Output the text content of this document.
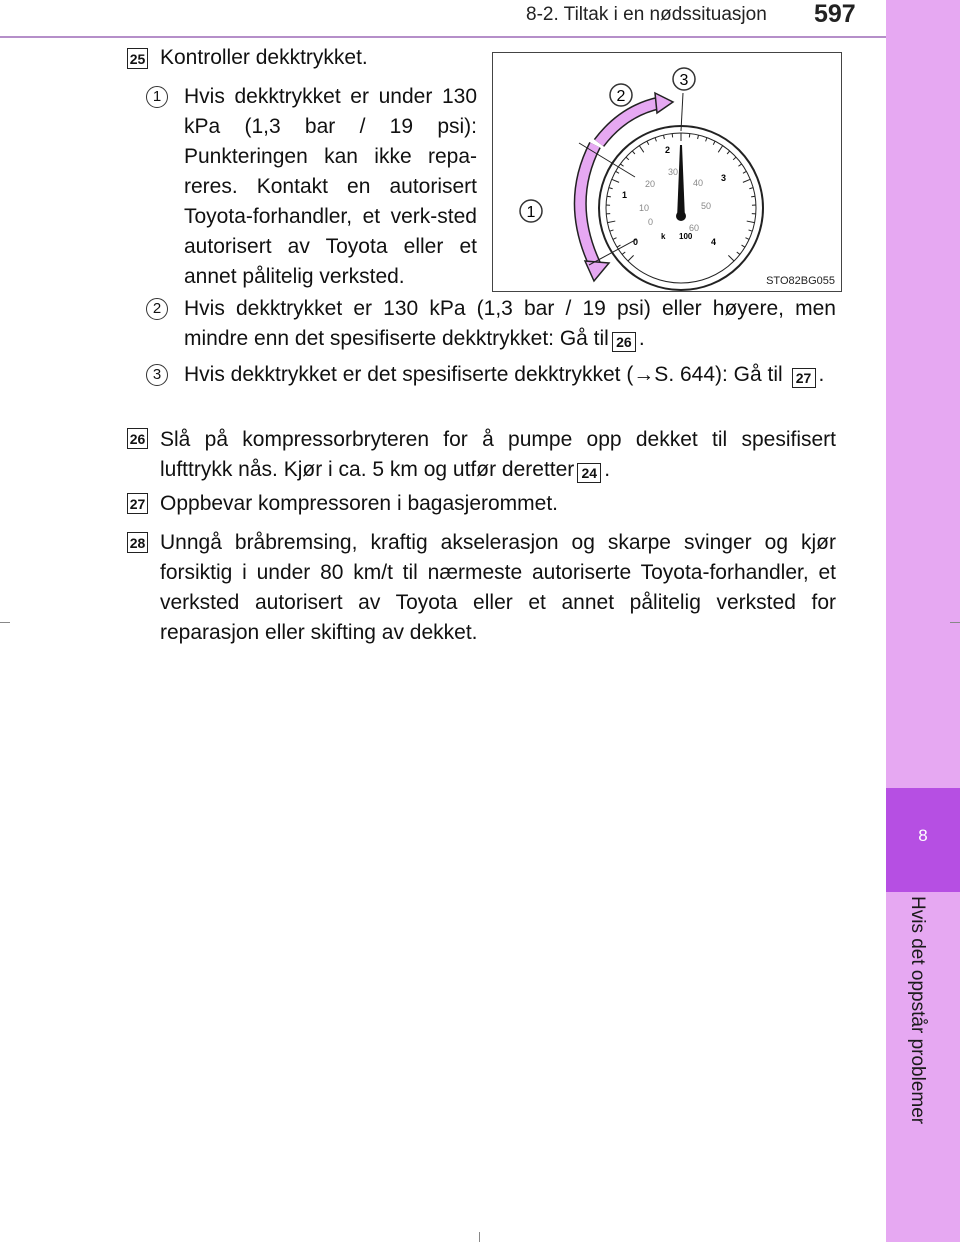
8-2. Tiltak i en nødssituasjon 597
8
Hvis det oppstår problemer
25 Kontroller dekktrykket.
1	Hvis dekktrykket er under 130 kPa (1,3 bar / 19 psi): Punkteringen kan ikke repa-reres. Kontakt en autorisert Toyota-forhandler, et verk-sted autorisert av Toyota eller et annet pålitelig verksted.
0
1
2
3
4
0
10
20
30
40
50
60
k 100
1
2
3
STO82BG055
2	Hvis dekktrykket er 130 kPa (1,3 bar / 19 psi) eller høyere, men mindre enn det spesifiserte dekktrykket: Gå til 26 .
3	Hvis dekktrykket er det spesifiserte dekktrykket (→S. 644): Gå til 27 .
26 Slå på kompressorbryteren for å pumpe opp dekket til spesifisert lufttrykk nås. Kjør i ca. 5 km og utfør deretter 24 .
27 Oppbevar kompressoren i bagasjerommet.
28 Unngå bråbremsing, kraftig akselerasjon og skarpe svinger og kjør forsiktig i under 80 km/t til nærmeste autoriserte Toyota-forhandler, et verksted autorisert av Toyota eller et annet pålitelig verksted for reparasjon eller skifting av dekket.
